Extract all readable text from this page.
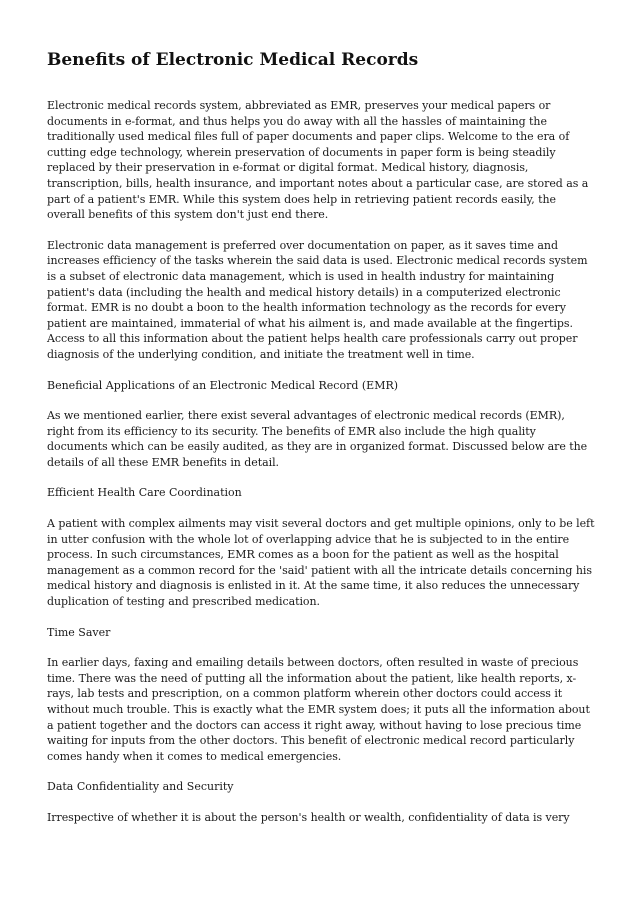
Benefits of Electronic Medical Records

Electronic medical records system, abbreviated as EMR, preserves your medical papers or documents in e-format, and thus helps you do away with all the hassles of maintaining the traditionally used medical files full of paper documents and paper clips. Welcome to the era of cutting edge technology, wherein preservation of documents in paper form is being steadily replaced by their preservation in e-format or digital format. Medical history, diagnosis, transcription, bills, health insurance, and important notes about a particular case, are stored as a part of a patient's EMR. While this system does help in retrieving patient records easily, the overall benefits of this system don't just end there.

Electronic data management is preferred over documentation on paper, as it saves time and increases efficiency of the tasks wherein the said data is used. Electronic medical records system is a subset of electronic data management, which is used in health industry for maintaining patient's data (including the health and medical history details) in a computerized electronic format. EMR is no doubt a boon to the health information technology as the records for every patient are maintained, immaterial of what his ailment is, and made available at the fingertips. Access to all this information about the patient helps health care professionals carry out proper diagnosis of the underlying condition, and initiate the treatment well in time.

Beneficial Applications of an Electronic Medical Record (EMR)

As we mentioned earlier, there exist several advantages of electronic medical records (EMR), right from its efficiency to its security. The benefits of EMR also include the high quality documents which can be easily audited, as they are in organized format. Discussed below are the details of all these EMR benefits in detail.

Efficient Health Care Coordination

A patient with complex ailments may visit several doctors and get multiple opinions, only to be left in utter confusion with the whole lot of overlapping advice that he is subjected to in the entire process. In such circumstances, EMR comes as a boon for the patient as well as the hospital management as a common record for the 'said' patient with all the intricate details concerning his medical history and diagnosis is enlisted in it. At the same time, it also reduces the unnecessary duplication of testing and prescribed medication.

Time Saver

In earlier days, faxing and emailing details between doctors, often resulted in waste of precious time. There was the need of putting all the information about the patient, like health reports, x-rays, lab tests and prescription, on a common platform wherein other doctors could access it without much trouble. This is exactly what the EMR system does; it puts all the information about a patient together and the doctors can access it right away, without having to lose precious time waiting for inputs from the other doctors. This benefit of electronic medical record particularly comes handy when it comes to medical emergencies.

Data Confidentiality and Security

Irrespective of whether it is about the person's health or wealth, confidentiality of data is very
